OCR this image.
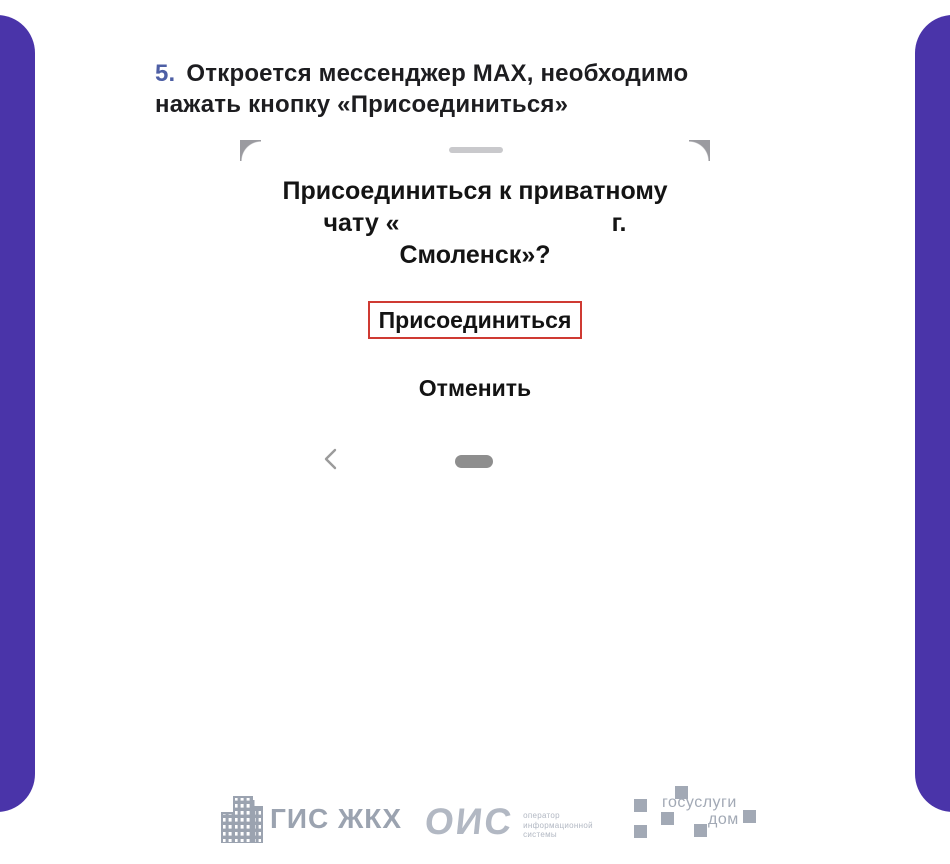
5. Откроется мессенджер MAX, необходимо
нажать кнопку «Присоединиться»
Присоединиться к приватному
чату «	г.
Смоленск»?
Присоединиться
Отменить
ГИС ЖКХ ОИС оператор
информационной
системы
госуслуги
дом
